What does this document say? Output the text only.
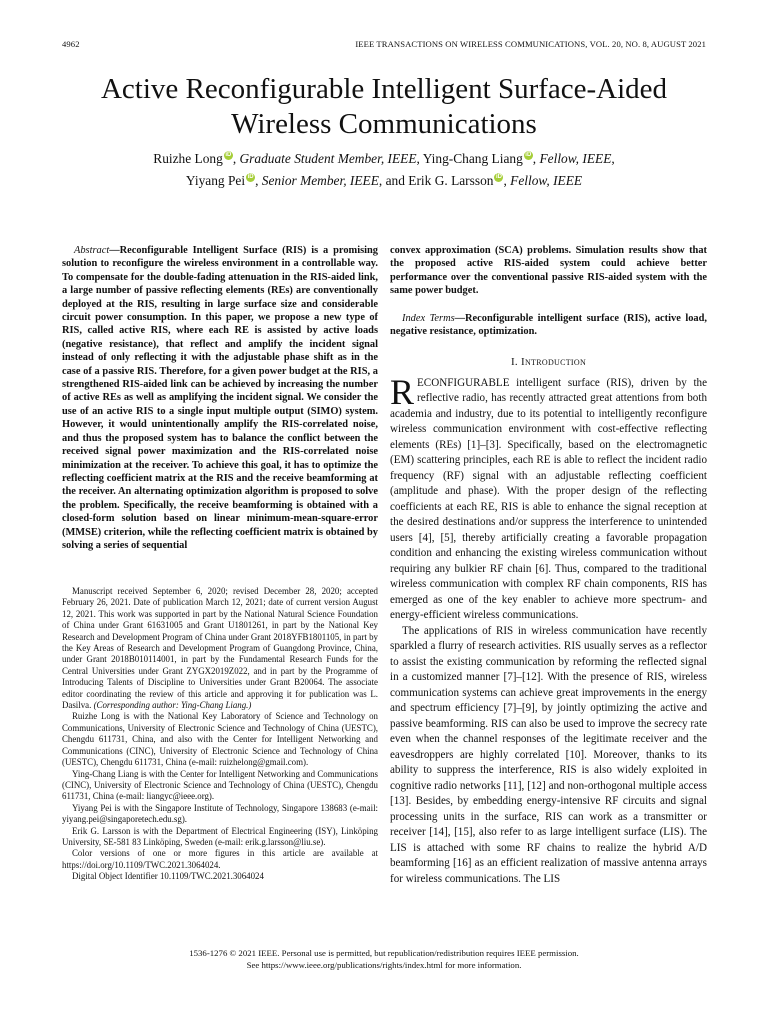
4962	IEEE TRANSACTIONS ON WIRELESS COMMUNICATIONS, VOL. 20, NO. 8, AUGUST 2021
Active Reconfigurable Intelligent Surface-Aided
Wireless Communications
Ruizhe Long iD , Graduate Student Member, IEEE, Ying-Chang Liang iD , Fellow, IEEE,
Yiyang Pei iD , Senior Member, IEEE, and Erik G. Larsson iD , Fellow, IEEE

Abstract—Reconfigurable Intelligent Surface (RIS) is a promising solution to reconfigure the wireless environment in a controllable way. To compensate for the double-fading attenuation in the RIS-aided link, a large number of passive reflecting elements (REs) are conventionally deployed at the RIS, resulting in large surface size and considerable circuit power consumption. In this paper, we propose a new type of RIS, called active RIS, where each RE is assisted by active loads (negative resistance), that reflect and amplify the incident signal instead of only reflecting it with the adjustable phase shift as in the case of a passive RIS. Therefore, for a given power budget at the RIS, a strengthened RIS-aided link can be achieved by increasing the number of active REs as well as amplifying the incident signal. We consider the use of an active RIS to a single input multiple output (SIMO) system. However, it would unintentionally amplify the RIS-correlated noise, and thus the proposed system has to balance the conflict between the received signal power maximization and the RIS-correlated noise minimization at the receiver. To achieve this goal, it has to optimize the reflecting coefficient matrix at the RIS and the receive beamforming at the receiver. An alternating optimization algorithm is proposed to solve the problem. Specifically, the receive beamforming is obtained with a closed-form solution based on linear minimum-mean-square-error (MMSE) criterion, while the reflecting coefficient matrix is obtained by solving a series of sequential

Manuscript received September 6, 2020; revised December 28, 2020; accepted February 26, 2021. Date of publication March 12, 2021; date of current version August 12, 2021. This work was supported in part by the National Natural Science Foundation of China under Grant 61631005 and Grant U1801261, in part by the National Key Research and Development Program of China under Grant 2018YFB1801105, in part by the Key Areas of Research and Development Program of Guangdong Province, China, under Grant 2018B010114001, in part by the Fundamental Research Funds for the Central Universities under Grant ZYGX2019Z022, and in part by the Programme of Introducing Talents of Discipline to Universities under Grant B20064. The associate editor coordinating the review of this article and approving it for publication was L. Dasilva. (Corresponding author: Ying-Chang Liang.)

Ruizhe Long is with the National Key Laboratory of Science and Technology on Communications, University of Electronic Science and Technology of China (UESTC), Chengdu 611731, China, and also with the Center for Intelligent Networking and Communications (CINC), University of Electronic Science and Technology of China (UESTC), Chengdu 611731, China (e-mail: ruizhelong@gmail.com).

Ying-Chang Liang is with the Center for Intelligent Networking and Communications (CINC), University of Electronic Science and Technology of China (UESTC), Chengdu 611731, China (e-mail: liangyc@ieee.org).

Yiyang Pei is with the Singapore Institute of Technology, Singapore 138683 (e-mail: yiyang.pei@singaporetech.edu.sg).

Erik G. Larsson is with the Department of Electrical Engineering (ISY), Linköping University, SE-581 83 Linköping, Sweden (e-mail: erik.g.larsson@liu.se).

Color versions of one or more figures in this article are available at https://doi.org/10.1109/TWC.2021.3064024.

Digital Object Identifier 10.1109/TWC.2021.3064024

convex approximation (SCA) problems. Simulation results show that the proposed active RIS-aided system could achieve better performance over the conventional passive RIS-aided system with the same power budget.

Index Terms—Reconfigurable intelligent surface (RIS), active load, negative resistance, optimization.

I. Introduction

RECONFIGURABLE intelligent surface (RIS), driven by the reflective radio, has recently attracted great attentions from both academia and industry, due to its potential to intelligently reconfigure wireless communication environment with cost-effective reflecting elements (REs) [1]–[3]. Specifically, based on the electromagnetic (EM) scattering principles, each RE is able to reflect the incident radio frequency (RF) signal with an adjustable reflecting coefficient (amplitude and phase). With the proper design of the reflecting coefficients at each RE, RIS is able to enhance the signal reception at the desired destinations and/or suppress the interference to unintended users [4], [5], thereby artificially creating a favorable propagation condition and enhancing the existing wireless communication without requiring any bulkier RF chain [6]. Thus, compared to the traditional wireless communication with complex RF chain components, RIS has emerged as one of the key enabler to achieve more spectrum- and energy-efficient wireless communications.

The applications of RIS in wireless communication have recently sparkled a flurry of research activities. RIS usually serves as a reflector to assist the existing communication by reforming the reflected signal in a customized manner [7]–[12]. With the presence of RIS, wireless communication systems can achieve great improvements in the energy and spectrum efficiency [7]–[9], by jointly optimizing the active and passive beamforming. RIS can also be used to improve the secrecy rate even when the channel responses of the legitimate receiver and the eavesdroppers are highly correlated [10]. Moreover, thanks to its ability to suppress the interference, RIS is also widely exploited in cognitive radio networks [11], [12] and non-orthogonal multiple access [13]. Besides, by embedding energy-intensive RF circuits and signal processing units in the surface, RIS can work as a transmitter or receiver [14], [15], also refer to as large intelligent surface (LIS). The LIS is attached with some RF chains to realize the hybrid A/D beamforming [16] as an efficient realization of massive antenna arrays for wireless communications. The LIS

1536-1276 © 2021 IEEE. Personal use is permitted, but republication/redistribution requires IEEE permission.
See https://www.ieee.org/publications/rights/index.html for more information.
